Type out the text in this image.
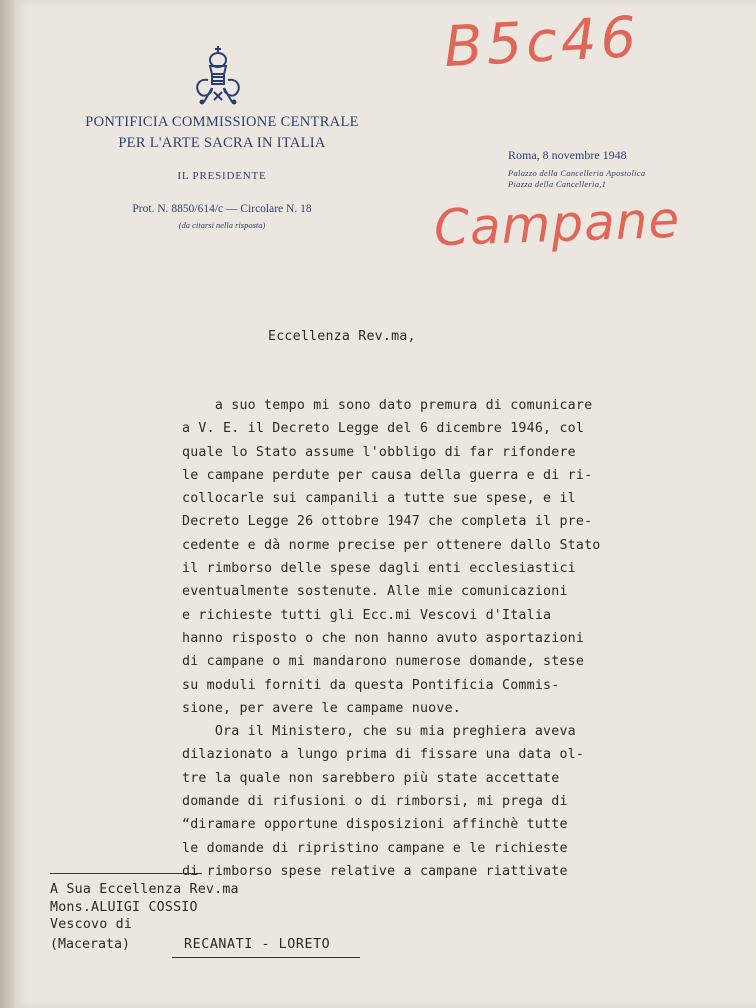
PONTIFICIA COMMISSIONE CENTRALE
PER L'ARTE SACRA IN ITALIA
IL PRESIDENTE
Prot. N. 8850/614/c — Circolare N. 18
(da citarsi nella risposta)
Roma, 8 novembre 1948
Palazzo della Cancelleria Apostolica
Piazza della Cancelleria,1
B5c46
Campane
Eccellenza Rev.ma,
a suo tempo mi sono dato premura di comunicare
a V. E. il Decreto Legge del 6 dicembre 1946, col
quale lo Stato assume l'obbligo di far rifondere
le campane perdute per causa della guerra e di ri-
collocarle sui campanili a tutte sue spese, e il
Decreto Legge 26 ottobre 1947 che completa il pre-
cedente e dà norme precise per ottenere dallo Stato
il rimborso delle spese dagli enti ecclesiastici
eventualmente sostenute. Alle mie comunicazioni
e richieste tutti gli Ecc.mi Vescovi d'Italia
hanno risposto o che non hanno avuto asportazioni
di campane o mi mandarono numerose domande, stese
su moduli forniti da questa Pontificia Commis-
sione, per avere le campame nuove.
Ora il Ministero, che su mia preghiera aveva
dilazionato a lungo prima di fissare una data ol-
tre la quale non sarebbero più state accettate
domande di rifusioni o di rimborsi, mi prega di
“diramare opportune disposizioni affinchè tutte
le domande di ripristino campane e le richieste
di rimborso spese relative a campane riattivate
A Sua Eccellenza Rev.ma
Mons.ALUIGI COSSIO
Vescovo di
(Macerata)	RECANATI - LORETO
